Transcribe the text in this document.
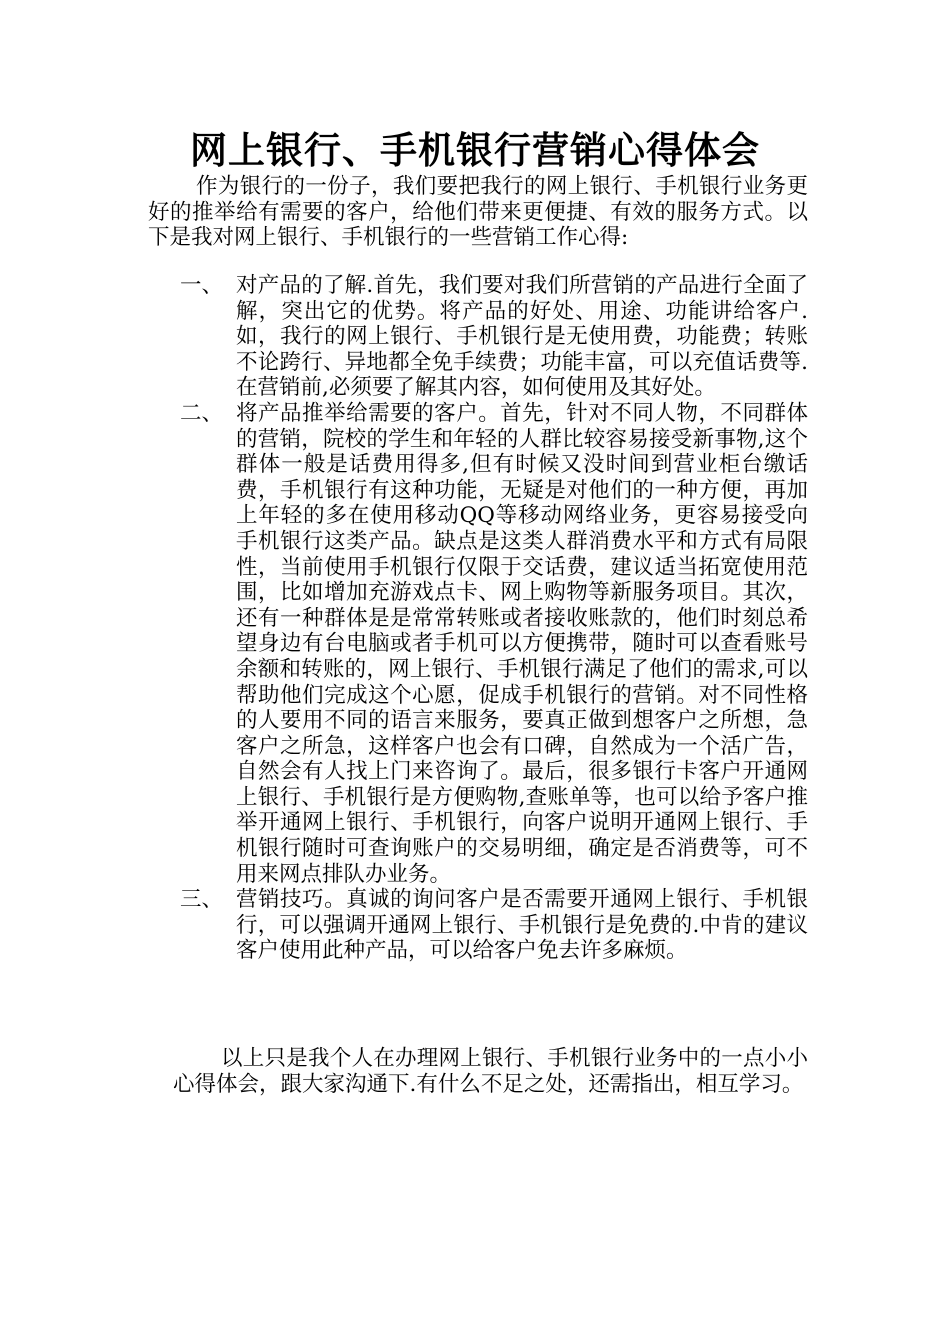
网上银行、手机银行营销心得体会

作为银行的一份子，我们要把我行的网上银行、手机银行业务更好的推举给有需要的客户，给他们带来更便捷、有效的服务方式。以下是我对网上银行、手机银行的一些营销工作心得:

一、 对产品的了解.首先，我们要对我们所营销的产品进行全面了解，突出它的优势。将产品的好处、用途、功能讲给客户.如，我行的网上银行、手机银行是无使用费，功能费；转账不论跨行、异地都全免手续费；功能丰富，可以充值话费等.在营销前,必须要了解其内容，如何使用及其好处。
二、 将产品推举给需要的客户。首先，针对不同人物，不同群体的营销，院校的学生和年轻的人群比较容易接受新事物,这个群体一般是话费用得多,但有时候又没时间到营业柜台缴话费，手机银行有这种功能，无疑是对他们的一种方便，再加上年轻的多在使用移动QQ等移动网络业务，更容易接受向手机银行这类产品。缺点是这类人群消费水平和方式有局限性，当前使用手机银行仅限于交话费，建议适当拓宽使用范围，比如增加充游戏点卡、网上购物等新服务项目。其次，还有一种群体是是常常转账或者接收账款的，他们时刻总希望身边有台电脑或者手机可以方便携带，随时可以查看账号余额和转账的，网上银行、手机银行满足了他们的需求,可以帮助他们完成这个心愿，促成手机银行的营销。对不同性格的人要用不同的语言来服务，要真正做到想客户之所想，急客户之所急，这样客户也会有口碑，自然成为一个活广告，自然会有人找上门来咨询了。最后，很多银行卡客户开通网上银行、手机银行是方便购物,查账单等，也可以给予客户推举开通网上银行、手机银行，向客户说明开通网上银行、手机银行随时可查询账户的交易明细，确定是否消费等，可不用来网点排队办业务。
三、 营销技巧。真诚的询问客户是否需要开通网上银行、手机银行，可以强调开通网上银行、手机银行是免费的.中肯的建议客户使用此种产品，可以给客户免去许多麻烦。

以上只是我个人在办理网上银行、手机银行业务中的一点小小心得体会，跟大家沟通下.有什么不足之处，还需指出，相互学习。
